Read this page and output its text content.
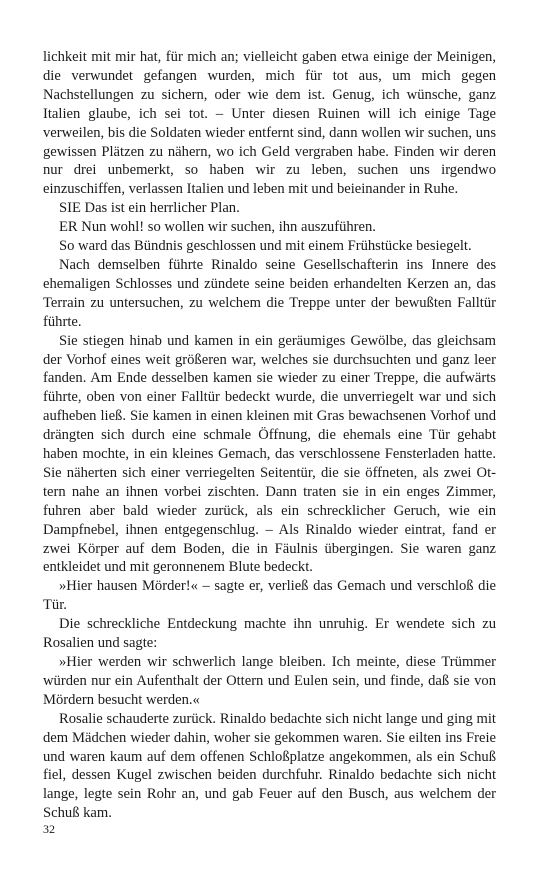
lichkeit mit mir hat, für mich an; vielleicht gaben etwa einige der Meinigen, die verwundet gefangen wurden, mich für tot aus, um mich gegen Nachstellungen zu sichern, oder wie dem ist. Genug, ich wünsche, ganz Italien glaube, ich sei tot. – Unter diesen Ruinen will ich einige Tage verweilen, bis die Soldaten wieder entfernt sind, dann wollen wir suchen, uns gewissen Plätzen zu nähern, wo ich Geld vergraben habe. Finden wir deren nur drei unbemerkt, so haben wir zu leben, suchen uns irgendwo einzuschiffen, verlassen Italien und leben mit und beieinander in Ruhe.

SIE Das ist ein herrlicher Plan.

ER Nun wohl! so wollen wir suchen, ihn auszuführen.

So ward das Bündnis geschlossen und mit einem Frühstücke besiegelt.

Nach demselben führte Rinaldo seine Gesellschafterin ins Innere des ehemaligen Schlosses und zündete seine beiden erhandelten Kerzen an, das Terrain zu untersuchen, zu welchem die Treppe unter der bewußten Falltür führte.

Sie stiegen hinab und kamen in ein geräumiges Gewölbe, das gleichsam der Vorhof eines weit größeren war, welches sie durchsuchten und ganz leer fanden. Am Ende desselben kamen sie wieder zu einer Treppe, die aufwärts führte, oben von einer Falltür bedeckt wurde, die unverriegelt war und sich aufheben ließ. Sie kamen in einen kleinen mit Gras bewachsenen Vorhof und drängten sich durch eine schmale Öffnung, die ehemals eine Tür gehabt haben mochte, in ein kleines Gemach, das verschlossene Fensterladen hatte. Sie näherten sich einer verriegelten Seitentür, die sie öffneten, als zwei Ottern nahe an ihnen vorbei zischten. Dann traten sie in ein enges Zimmer, fuhren aber bald wieder zurück, als ein schrecklicher Geruch, wie ein Dampfnebel, ihnen entgegenschlug. – Als Rinaldo wieder eintrat, fand er zwei Körper auf dem Boden, die in Fäulnis übergingen. Sie waren ganz entkleidet und mit geronnenem Blute bedeckt.

»Hier hausen Mörder!« – sagte er, verließ das Gemach und verschloß die Tür.

Die schreckliche Entdeckung machte ihn unruhig. Er wendete sich zu Rosalien und sagte:

»Hier werden wir schwerlich lange bleiben. Ich meinte, diese Trümmer würden nur ein Aufenthalt der Ottern und Eulen sein, und finde, daß sie von Mördern besucht werden.«

Rosalie schauderte zurück. Rinaldo bedachte sich nicht lange und ging mit dem Mädchen wieder dahin, woher sie gekommen waren. Sie eilten ins Freie und waren kaum auf dem offenen Schloßplatze angekommen, als ein Schuß fiel, dessen Kugel zwischen beiden durchfuhr. Rinaldo bedachte sich nicht lange, legte sein Rohr an, und gab Feuer auf den Busch, aus welchem der Schuß kam.

32
